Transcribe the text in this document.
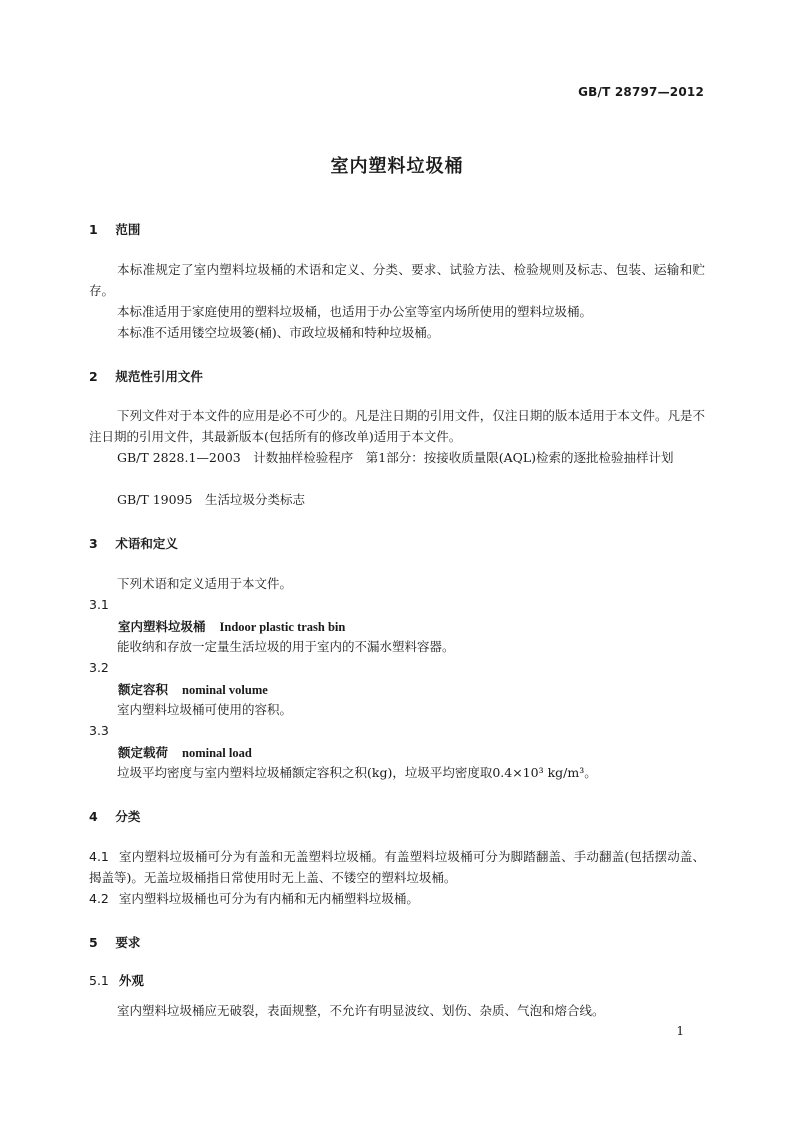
GB/T 28797—2012
室内塑料垃圾桶
1 范围
本标准规定了室内塑料垃圾桶的术语和定义、分类、要求、试验方法、检验规则及标志、包装、运输和贮存。
本标准适用于家庭使用的塑料垃圾桶，也适用于办公室等室内场所使用的塑料垃圾桶。
本标准不适用镂空垃圾篓(桶)、市政垃圾桶和特种垃圾桶。
2 规范性引用文件
下列文件对于本文件的应用是必不可少的。凡是注日期的引用文件，仅注日期的版本适用于本文件。凡是不注日期的引用文件，其最新版本(包括所有的修改单)适用于本文件。
GB/T 2828.1—2003　计数抽样检验程序　第1部分：按接收质量限(AQL)检索的逐批检验抽样计划
GB/T 19095　生活垃圾分类标志
3 术语和定义
下列术语和定义适用于本文件。
3.1
室内塑料垃圾桶 Indoor plastic trash bin
能收纳和存放一定量生活垃圾的用于室内的不漏水塑料容器。
3.2
额定容积 nominal volume
室内塑料垃圾桶可使用的容积。
3.3
额定载荷 nominal load
垃圾平均密度与室内塑料垃圾桶额定容积之积(kg)，垃圾平均密度取0.4×10³ kg/m³。
4 分类
4.1 室内塑料垃圾桶可分为有盖和无盖塑料垃圾桶。有盖塑料垃圾桶可分为脚踏翻盖、手动翻盖(包括摆动盖、揭盖等)。无盖垃圾桶指日常使用时无上盖、不镂空的塑料垃圾桶。
4.2 室内塑料垃圾桶也可分为有内桶和无内桶塑料垃圾桶。
5 要求
5.1 外观
室内塑料垃圾桶应无破裂，表面规整，不允许有明显波纹、划伤、杂质、气泡和熔合线。
1
